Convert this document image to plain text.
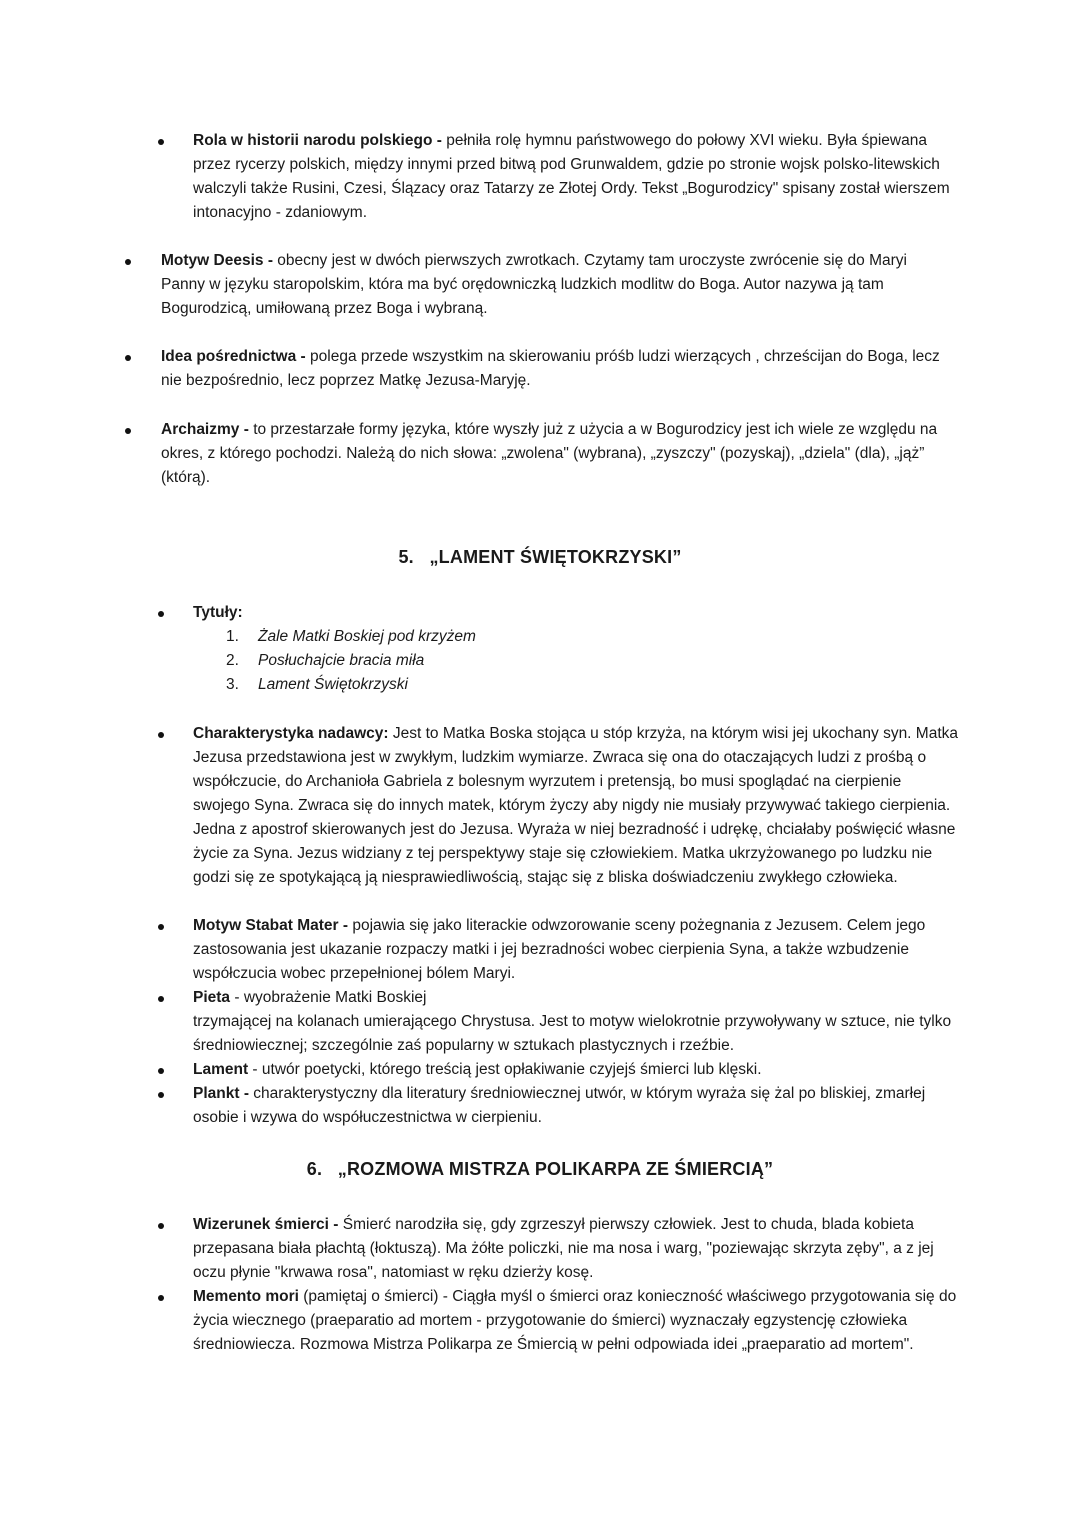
Rola w historii narodu polskiego - pełniła rolę hymnu państwowego do połowy XVI wieku. Była śpiewana przez rycerzy polskich, między innymi przed bitwą pod Grunwaldem, gdzie po stronie wojsk polsko-litewskich walczyli także Rusini, Czesi, Ślązacy oraz Tatarzy ze Złotej Ordy. Tekst „Bogurodzicy" spisany został wierszem intonacyjno - zdaniowym.

Motyw Deesis - obecny jest w dwóch pierwszych zwrotkach. Czytamy tam uroczyste zwrócenie się do Maryi Panny w języku staropolskim, która ma być orędowniczką ludzkich modlitw do Boga. Autor nazywa ją tam Bogurodzicą, umiłowaną przez Boga i wybraną.

Idea pośrednictwa - polega przede wszystkim na skierowaniu próśb ludzi wierzących , chrześcijan do Boga, lecz nie bezpośrednio, lecz poprzez Matkę Jezusa-Maryję.

Archaizmy - to przestarzałe formy języka, które wyszły już z użycia a w Bogurodzicy jest ich wiele ze względu na okres, z którego pochodzi. Należą do nich słowa: „zwolena" (wybrana), „zyszczy" (pozyskaj), „dziela" (dla), „jąż” (którą).

5. „LAMENT ŚWIĘTOKRZYSKI”

Tytuły:

1. Żale Matki Boskiej pod krzyżem
2. Posłuchajcie bracia miła
3. Lament Świętokrzyski

Charakterystyka nadawcy: Jest to Matka Boska stojąca u stóp krzyża, na którym wisi jej ukochany syn. Matka Jezusa przedstawiona jest w zwykłym, ludzkim wymiarze. Zwraca się ona do otaczających ludzi z prośbą o współczucie, do Archanioła Gabriela z bolesnym wyrzutem i pretensją, bo musi spoglądać na cierpienie swojego Syna. Zwraca się do innych matek, którym życzy aby nigdy nie musiały przywywać takiego cierpienia. Jedna z apostrof skierowanych jest do Jezusa. Wyraża w niej bezradność i udrękę, chciałaby poświęcić własne życie za Syna. Jezus widziany z tej perspektywy staje się człowiekiem. Matka ukrzyżowanego po ludzku nie godzi się ze spotykającą ją niesprawiedliwością, stając się z bliska doświadczeniu zwykłego człowieka.

Motyw Stabat Mater - pojawia się jako literackie odwzorowanie sceny pożegnania z Jezusem. Celem jego zastosowania jest ukazanie rozpaczy matki i jej bezradności wobec cierpienia Syna, a także wzbudzenie współczucia wobec przepełnionej bólem Maryi.

Pieta - wyobrażenie Matki Boskiej
trzymającej na kolanach umierającego Chrystusa. Jest to motyw wielokrotnie przywoływany w sztuce, nie tylko średniowiecznej; szczególnie zaś popularny w sztukach plastycznych i rzeźbie.

Lament - utwór poetycki, którego treścią jest opłakiwanie czyjejś śmierci lub klęski.

Plankt - charakterystyczny dla literatury średniowiecznej utwór, w którym wyraża się żal po bliskiej, zmarłej osobie i wzywa do współuczestnictwa w cierpieniu.

6. „ROZMOWA MISTRZA POLIKARPA ZE ŚMIERCIĄ”

Wizerunek śmierci - Śmierć narodziła się, gdy zgrzeszył pierwszy człowiek. Jest to chuda, blada kobieta przepasana biała płachtą (łoktuszą). Ma żółte policzki, nie ma nosa i warg, "poziewając skrzyta zęby", a z jej oczu płynie "krwawa rosa", natomiast w ręku dzierży kosę.

Memento mori (pamiętaj o śmierci) - Ciągła myśl o śmierci oraz konieczność właściwego przygotowania się do życia wiecznego (praeparatio ad mortem - przygotowanie do śmierci) wyznaczały egzystencję człowieka średniowiecza. Rozmowa Mistrza Polikarpa ze Śmiercią w pełni odpowiada idei „praeparatio ad mortem".
